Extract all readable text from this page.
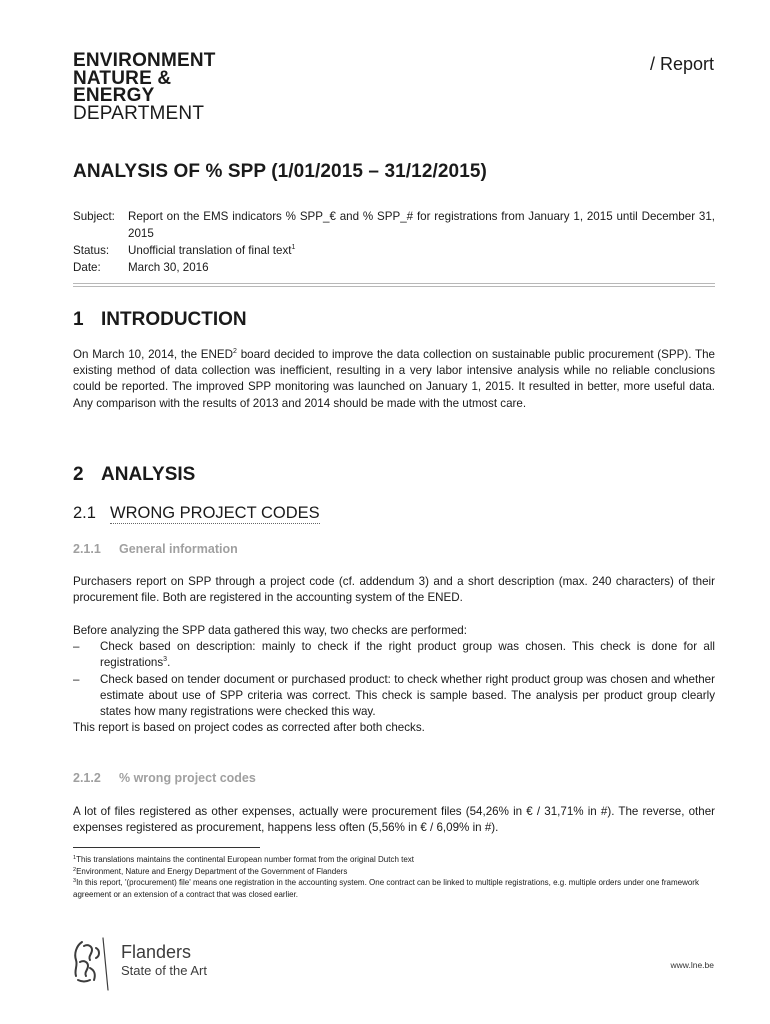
ENVIRONMENT
NATURE &
ENERGY
DEPARTMENT
/ Report
ANALYSIS OF % SPP (1/01/2015 – 31/12/2015)
Subject:	Report on the EMS indicators % SPP_€ and % SPP_# for registrations from January 1, 2015 until December 31, 2015
Status:	Unofficial translation of final text$^1$
Date:	March 30, 2016
1 INTRODUCTION
On March 10, 2014, the ENED$^2$ board decided to improve the data collection on sustainable public procurement (SPP). The existing method of data collection was inefficient, resulting in a very labor intensive analysis while no reliable conclusions could be reported. The improved SPP monitoring was launched on January 1, 2015. It resulted in better, more useful data. Any comparison with the results of 2013 and 2014 should be made with the utmost care.
2 ANALYSIS
2.1 WRONG PROJECT CODES
2.1.1 General information
Purchasers report on SPP through a project code (cf. addendum 3) and a short description (max. 240 characters) of their procurement file. Both are registered in the accounting system of the ENED.
Before analyzing the SPP data gathered this way, two checks are performed:
– Check based on description: mainly to check if the right product group was chosen. This check is done for all registrations$^3$.
– Check based on tender document or purchased product: to check whether right product group was chosen and whether estimate about use of SPP criteria was correct. This check is sample based. The analysis per product group clearly states how many registrations were checked this way.
This report is based on project codes as corrected after both checks.
2.1.2 % wrong project codes
A lot of files registered as other expenses, actually were procurement files (54,26% in € / 31,71% in #). The reverse, other expenses registered as procurement, happens less often (5,56% in € / 6,09% in #).
$^1$This translations maintains the continental European number format from the original Dutch text
$^2$Environment, Nature and Energy Department of the Government of Flanders
$^3$In this report, '(procurement) file' means one registration in the accounting system. One contract can be linked to multiple registrations, e.g. multiple orders under one framework agreement or an extension of a contract that was closed earlier.
Flanders
State of the Art	www.lne.be
